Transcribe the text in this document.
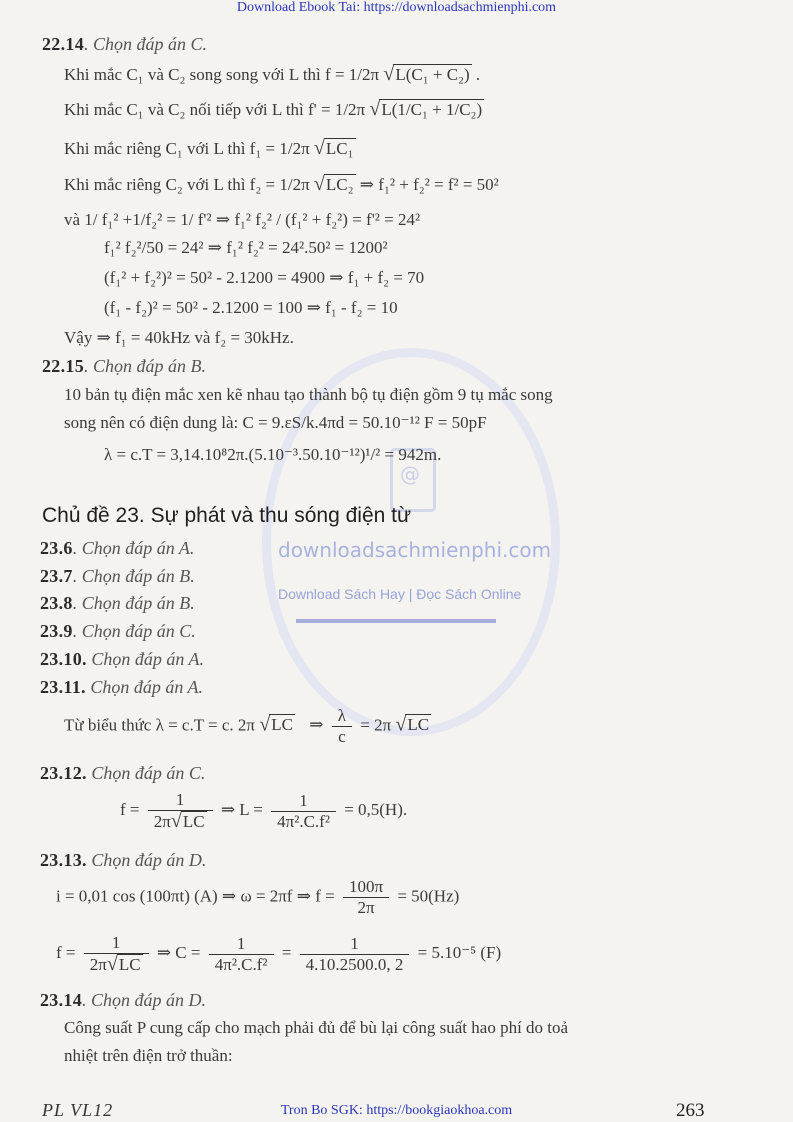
Download Ebook Tai: https://downloadsachmienphi.com
@
downloadsachmienphi.com
Download Sách Hay | Đọc Sách Online
22.14. Chọn đáp án C.
Khi mắc C₁ và C₂ song song với L thì f = 1/2π √L(C₁ + C₂) .
Khi mắc C₁ và C₂ nối tiếp với L thì f' = 1/2π √L(1/C₁ + 1/C₂)
Khi mắc riêng C₁ với L thì f₁ = 1/2π √LC₁
Khi mắc riêng C₂ với L thì f₂ = 1/2π √LC₂ ⇒ f₁² + f₂² = f² = 50²
và 1/ f₁² +1/f₂² = 1/ f'² ⇒ f₁² f₂² / (f₁² + f₂²) = f'² = 24²
f₁² f₂²/50 = 24² ⇒ f₁² f₂² = 24².50² = 1200²
(f₁² + f₂²)² = 50² - 2.1200 = 4900 ⇒ f₁ + f₂ = 70
(f₁ - f₂)² = 50² - 2.1200 = 100 ⇒ f₁ - f₂ = 10
Vậy ⇒ f₁ = 40kHz và f₂ = 30kHz.
22.15. Chọn đáp án B.
10 bản tụ điện mắc xen kẽ nhau tạo thành bộ tụ điện gồm 9 tụ mắc song
song nên có điện dung là: C = 9.εS/k.4πd = 50.10⁻¹² F = 50pF
λ = c.T = 3,14.10⁸2π.(5.10⁻³.50.10⁻¹²)¹/² = 942m.
Chủ đề 23. Sự phát và thu sóng điện từ
23.6. Chọn đáp án A.
23.7. Chọn đáp án B.
23.8. Chọn đáp án B.
23.9. Chọn đáp án C.
23.10. Chọn đáp án A.
23.11. Chọn đáp án A.
Từ biểu thức λ = c.T = c. 2π √LC ⇒ $\frac{\lambda}{c} = 2\pi$ √LC
23.12. Chọn đáp án C.
$f = \frac{1}{2\pi√LC}$ ⇒ $L = \frac{1}{\text{4π².C.f²}} = 0,5(H)$.
23.13. Chọn đáp án D.
i = 0,01 cos (100πt) (A) ⇒ ω = 2πf ⇒ $f = \frac{100\pi}{2\pi} = 50(Hz)$
$f = \frac{1}{2\pi√LC}$ ⇒ $C = \frac{1}{\text{4π².C.f²}} = \frac{1}{4.10.2500.0, 2} = 5.10^{-5}$ (F)
23.14. Chọn đáp án D.
Công suất P cung cấp cho mạch phải đủ để bù lại công suất hao phí do toả
nhiệt trên điện trở thuần:
PL VL12	Tron Bo SGK: https://bookgiaokhoa.com	263
